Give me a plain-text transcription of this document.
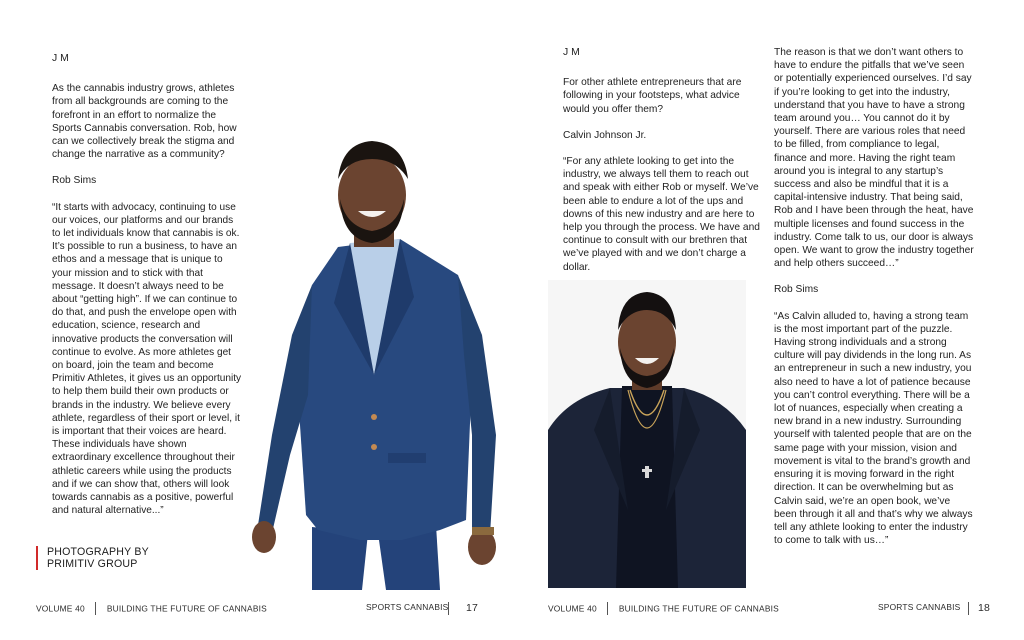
J M

As the cannabis industry grows, athletes from all backgrounds are coming to the forefront in an effort to normalize the Sports Cannabis conversation. Rob, how can we collectively break the stigma and change the narrative as a community?

Rob Sims

“It starts with advocacy, continuing to use our voices, our platforms and our brands to let individuals know that cannabis is ok. It’s possible to run a business, to have an ethos and a message that is unique to your mission and to stick with that message. It doesn’t always need to be about “getting high”. If we can continue to do that, and push the envelope open with education, science, research and innovative products the conversation will continue to evolve. As more athletes get on board, join the team and become Primitiv Athletes, it gives us an opportunity to help them build their own products or brands in the industry. We believe every athlete, regardless of their sport or level, it is important that their voices are heard. These individuals have shown extraordinary excellence throughout their athletic careers while using the products and if we can show that, others will look towards cannabis as a positive, powerful and natural alternative...”

PHOTOGRAPHY BY
PRIMITIV GROUP
VOLUME 40	BUILDING THE FUTURE OF CANNABIS	SPORTS CANNABIS 17
J M

For other athlete entrepreneurs that are following in your footsteps, what advice would you offer them?

Calvin Johnson Jr.

“For any athlete looking to get into the industry, we always tell them to reach out and speak with either Rob or myself. We’ve been able to endure a lot of the ups and downs of this new industry and are here to help you through the process. We have and continue to consult with our brethren that we’ve played with and we don’t charge a dollar.

The reason is that we don’t want others to have to endure the pitfalls that we’ve seen or potentially experienced ourselves. I’d say if you’re looking to get into the industry, understand that you have to have a strong team around you… You cannot do it by yourself. There are various roles that need to be filled, from compliance to legal, finance and more. Having the right team around you is integral to any startup’s success and also be mindful that it is a capital-intensive industry. That being said, Rob and I have been through the heat, have multiple licenses and found success in the industry. Come talk to us, our door is always open. We want to grow the industry together and help others succeed…”

Rob Sims

“As Calvin alluded to, having a strong team is the most important part of the puzzle. Having strong individuals and a strong culture will pay dividends in the long run. As an entrepreneur in such a new industry, you also need to have a lot of patience because you can’t control everything. There will be a lot of nuances, especially when creating a new brand in a new industry. Surrounding yourself with talented people that are on the same page with your mission, vision and movement is vital to the brand’s growth and ensuring it is moving forward in the right direction. It can be overwhelming but as Calvin said, we’re an open book, we’ve been through it all and that’s why we always tell any athlete looking to enter the industry to come to talk with us…”

VOLUME 40	BUILDING THE FUTURE OF CANNABIS	SPORTS CANNABIS 18
